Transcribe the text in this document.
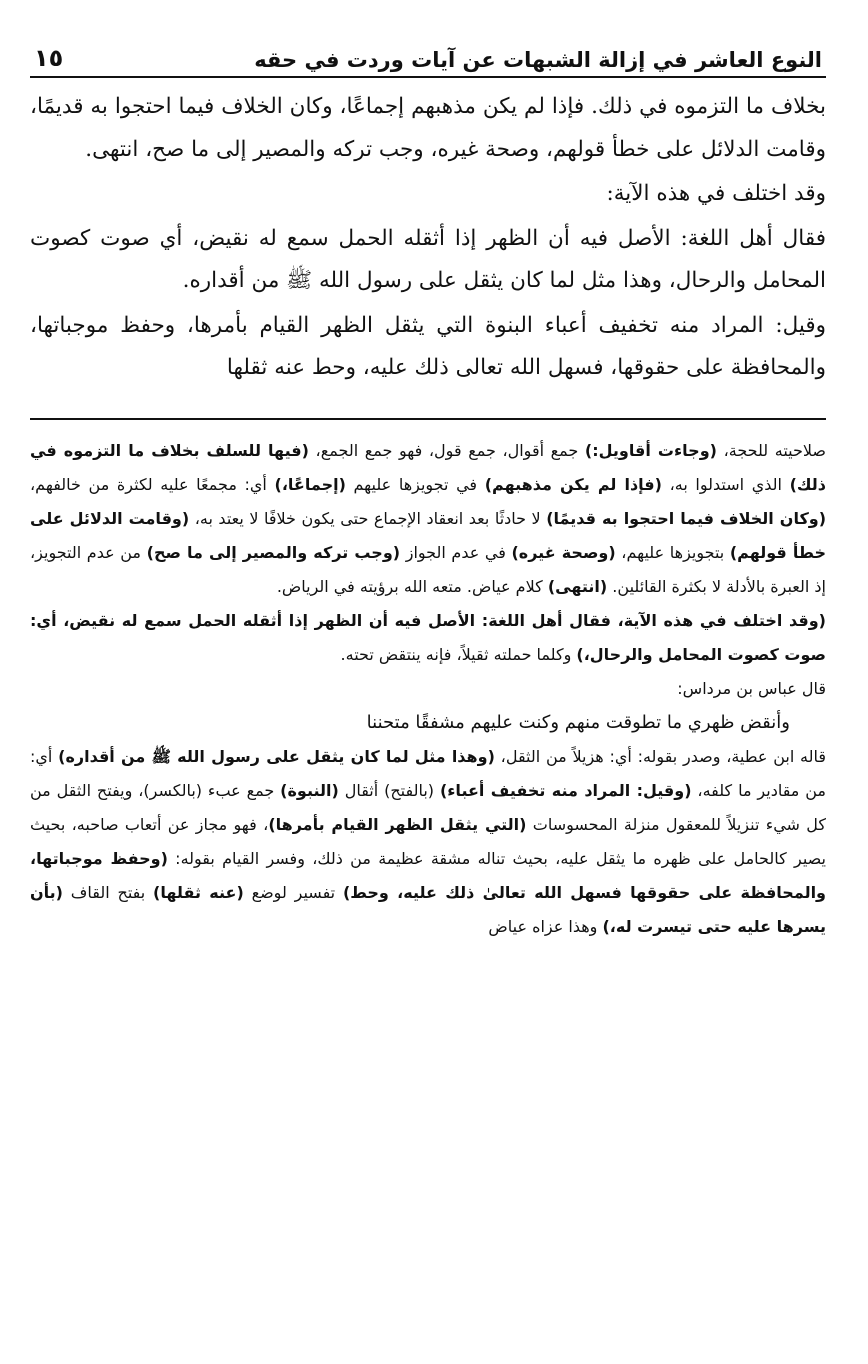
النوع العاشر في إزالة الشبهات عن آيات وردت في حقه
١٥

بخلاف ما التزموه في ذلك. فإذا لم يكن مذهبهم إجماعًا، وكان الخلاف فيما احتجوا به قديمًا، وقامت الدلائل على خطأ قولهم، وصحة غيره، وجب تركه والمصير إلى ما صح، انتهى.

وقد اختلف في هذه الآية:

فقال أهل اللغة: الأصل فيه أن الظهر إذا أثقله الحمل سمع له نقيض، أي صوت كصوت المحامل والرحال، وهذا مثل لما كان يثقل على رسول الله ﷺ من أقداره.

وقيل: المراد منه تخفيف أعباء البنوة التي يثقل الظهر القيام بأمرها، وحفظ موجباتها، والمحافظة على حقوقها، فسهل الله تعالى ذلك عليه، وحط عنه ثقلها

صلاحيته للحجة، (وجاءت أقاويل:) جمع أقوال، جمع قول، فهو جمع الجمع، (فيها للسلف بخلاف ما التزموه في ذلك) الذي استدلوا به، (فإذا لم يكن مذهبهم) في تجويزها عليهم (إجماعًا،) أي: مجمعًا عليه لكثرة من خالفهم، (وكان الخلاف فيما احتجوا به قديمًا) لا حادثًا بعد انعقاد الإجماع حتى يكون خلافًا لا يعتد به، (وقامت الدلائل على خطأ قولهم) بتجويزها عليهم، (وصحة غيره) في عدم الجواز (وجب تركه والمصير إلى ما صح) من عدم التجويز، إذ العبرة بالأدلة لا بكثرة القائلين. (انتهى) كلام عياض. متعه الله برؤيته في الرياض.

(وقد اختلف في هذه الآية، فقال أهل اللغة: الأصل فيه أن الظهر إذا أثقله الحمل سمع له نقيض، أي: صوت كصوت المحامل والرحال،) وكلما حملته ثقيلاً، فإنه ينتقض تحته.

قال عباس بن مرداس:

وأنقض ظهري ما تطوقت منهم وكنت عليهم مشفقًا متحننا

قاله ابن عطية، وصدر بقوله: أي: هزيلاً من الثقل، (وهذا مثل لما كان يثقل على رسول الله ﷺ من أقداره) أي: من مقادير ما كلفه، (وقيل: المراد منه تخفيف أعباء) (بالفتح) أثقال (النبوة) جمع عبء (بالكسر)، ويفتح الثقل من كل شيء تنزيلاً للمعقول منزلة المحسوسات (التي يثقل الظهر القيام بأمرها)، فهو مجاز عن أتعاب صاحبه، بحيث يصير كالحامل على ظهره ما يثقل عليه، بحيث تناله مشقة عظيمة من ذلك، وفسر القيام بقوله: (وحفظ موجباتها، والمحافظة على حقوقها فسهل الله تعالىٰ ذلك عليه، وحط) تفسير لوضع (عنه ثقلها) بفتح القاف (بأن يسرها عليه حتى تيسرت له،) وهذا عزاه عياض
